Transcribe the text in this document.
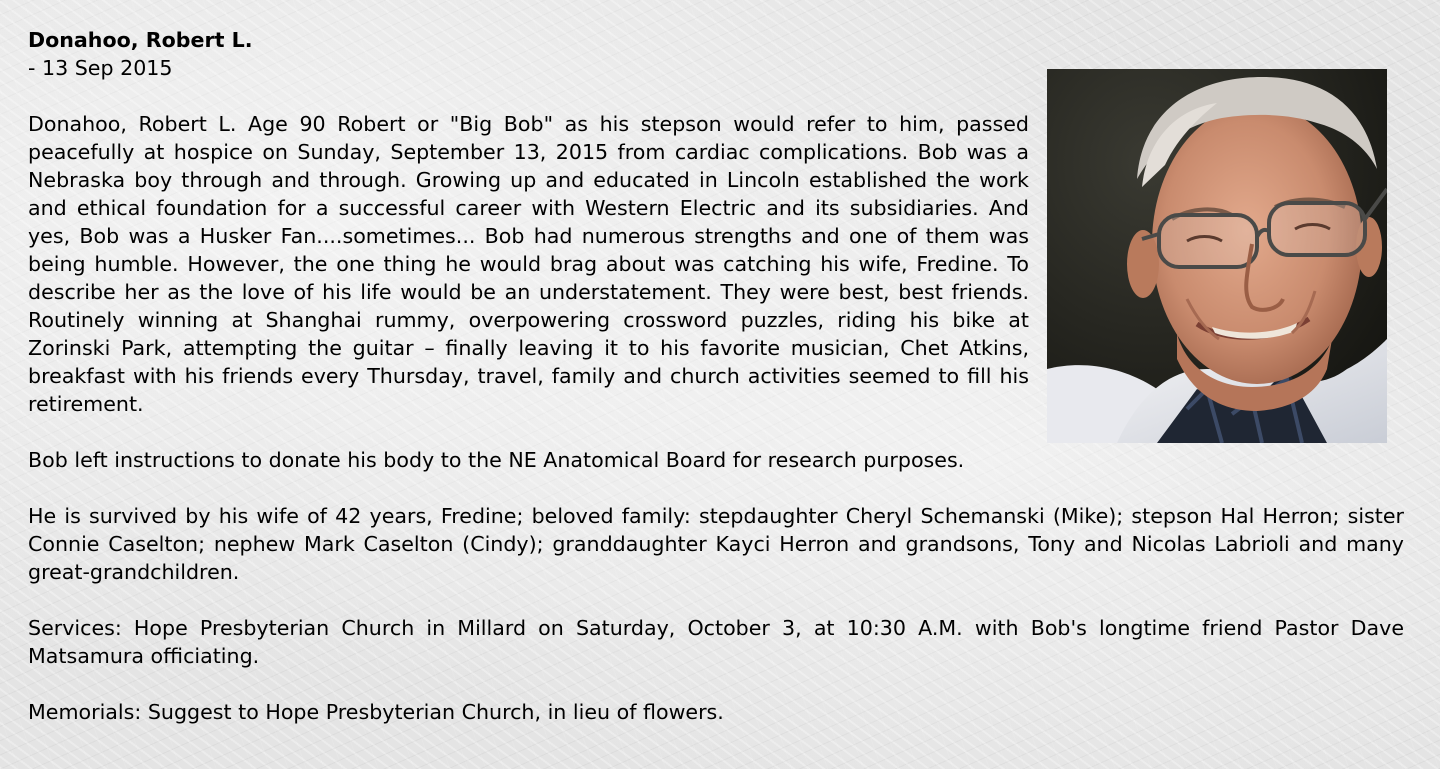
Donahoo, Robert L.
- 13 Sep 2015

Donahoo, Robert L. Age 90 Robert or "Big Bob" as his stepson would refer to him, passed peacefully at hospice on Sunday, September 13, 2015 from cardiac complications. Bob was a Nebraska boy through and through. Growing up and educated in Lincoln established the work and ethical foundation for a successful career with Western Electric and its subsidiaries. And yes, Bob was a Husker Fan....sometimes... Bob had numerous strengths and one of them was being humble. However, the one thing he would brag about was catching his wife, Fredine. To describe her as the love of his life would be an understatement. They were best, best friends. Routinely winning at Shanghai rummy, overpowering crossword puzzles, riding his bike at Zorinski Park, attempting the guitar – finally leaving it to his favorite musician, Chet Atkins, breakfast with his friends every Thursday, travel, family and church activities seemed to fill his retirement.

Bob left instructions to donate his body to the NE Anatomical Board for research purposes.

He is survived by his wife of 42 years, Fredine; beloved family: stepdaughter Cheryl Schemanski (Mike); stepson Hal Herron; sister Connie Caselton; nephew Mark Caselton (Cindy); granddaughter Kayci Herron and grandsons, Tony and Nicolas Labrioli and many great-grandchildren.

Services: Hope Presbyterian Church in Millard on Saturday, October 3, at 10:30 A.M. with Bob's longtime friend Pastor Dave Matsamura officiating.

Memorials: Suggest to Hope Presbyterian Church, in lieu of flowers.
